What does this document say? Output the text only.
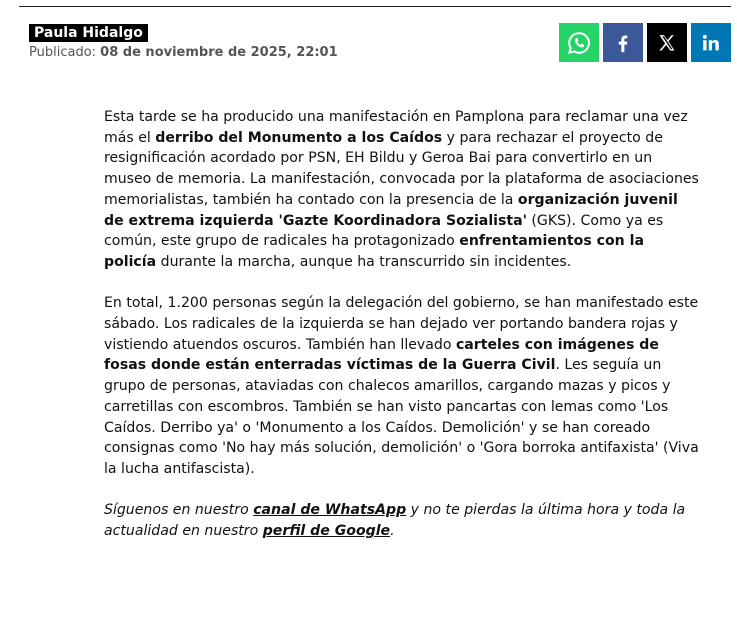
Paula Hidalgo
Publicado: 08 de noviembre de 2025, 22:01

Esta tarde se ha producido una manifestación en Pamplona para reclamar una vez más el derribo del Monumento a los Caídos y para rechazar el proyecto de resignificación acordado por PSN, EH Bildu y Geroa Bai para convertirlo en un museo de memoria. La manifestación, convocada por la plataforma de asociaciones memorialistas, también ha contado con la presencia de la organización juvenil de extrema izquierda 'Gazte Koordinadora Sozialista' (GKS). Como ya es común, este grupo de radicales ha protagonizado enfrentamientos con la policía durante la marcha, aunque ha transcurrido sin incidentes.

En total, 1.200 personas según la delegación del gobierno, se han manifestado este sábado. Los radicales de la izquierda se han dejado ver portando bandera rojas y vistiendo atuendos oscuros. También han llevado carteles con imágenes de fosas donde están enterradas víctimas de la Guerra Civil. Les seguía un grupo de personas, ataviadas con chalecos amarillos, cargando mazas y picos y carretillas con escombros. También se han visto pancartas con lemas como 'Los Caídos. Derribo ya' o 'Monumento a los Caídos. Demolición' y se han coreado consignas como 'No hay más solución, demolición' o 'Gora borroka antifaxista' (Viva la lucha antifascista).

Síguenos en nuestro canal de WhatsApp y no te pierdas la última hora y toda la actualidad en nuestro perfil de Google.
